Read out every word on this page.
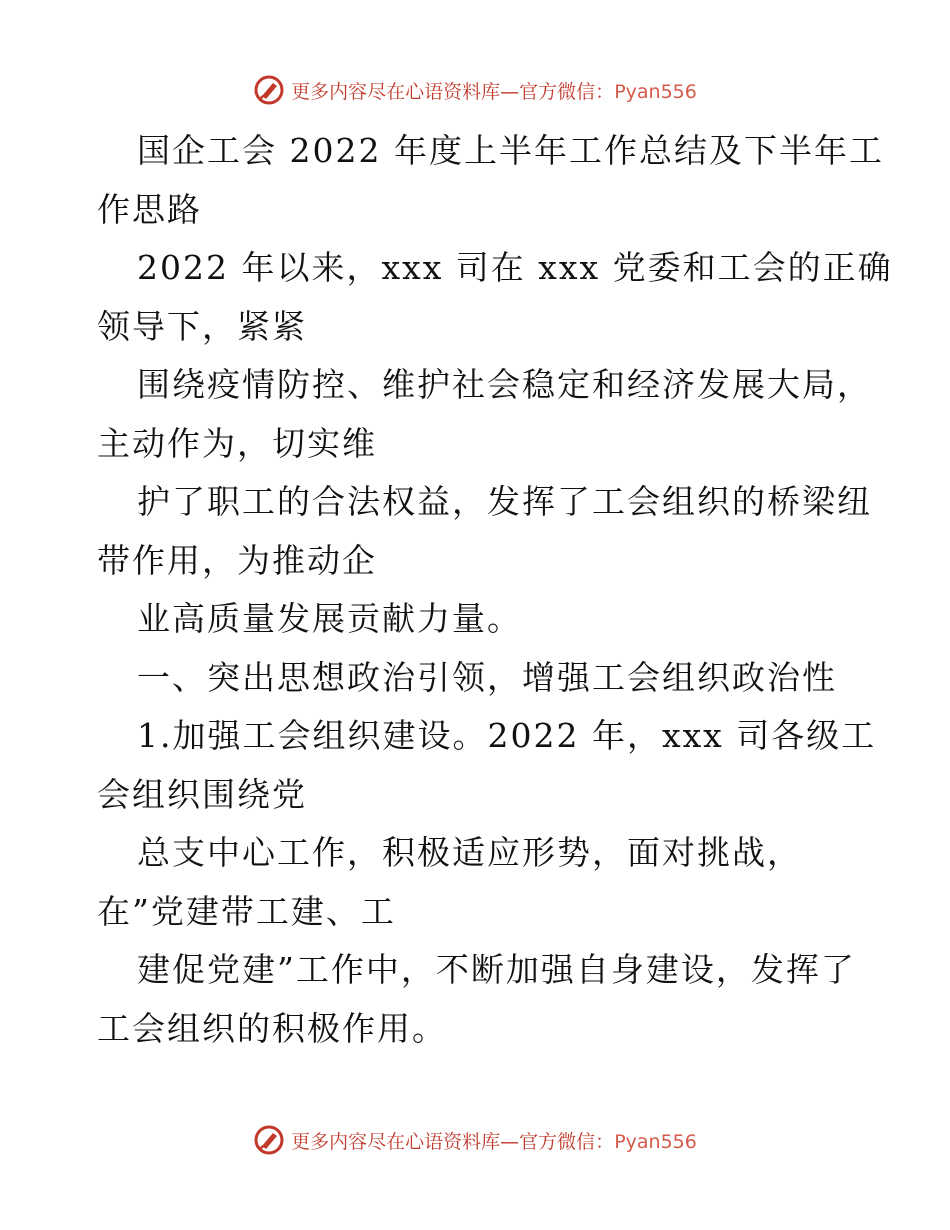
更多内容尽在心语资料库—官方微信：Pyan556
国企工会 2022 年度上半年工作总结及下半年工
作思路
2022 年以来，xxx 司在 xxx 党委和工会的正确
领导下，紧紧
围绕疫情防控、维护社会稳定和经济发展大局，
主动作为，切实维
护了职工的合法权益，发挥了工会组织的桥梁纽
带作用，为推动企
业高质量发展贡献力量。
一、突出思想政治引领，增强工会组织政治性
1.加强工会组织建设。2022 年，xxx 司各级工
会组织围绕党
总支中心工作，积极适应形势，面对挑战，
在”党建带工建、工
建促党建”工作中，不断加强自身建设，发挥了
工会组织的积极作用。
更多内容尽在心语资料库—官方微信：Pyan556
